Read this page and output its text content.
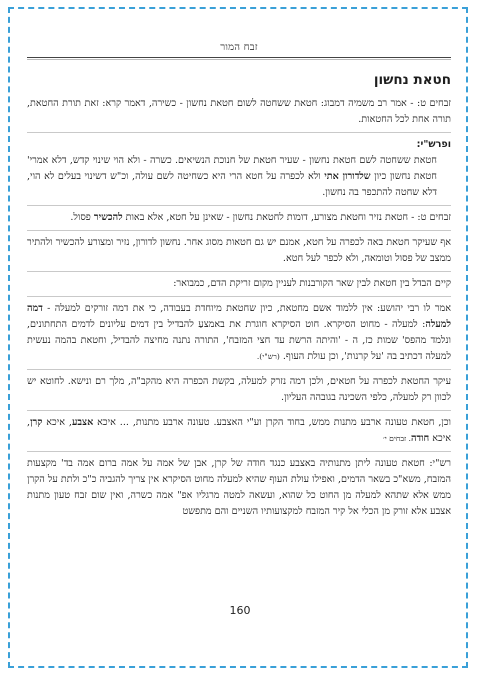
זבח המור
חטאת נחשון

זבחים ט: - אמר רב משמיה דמבוג: חטאת ששחטה לשום חטאת נחשון - כשירה, דאמר קרא: זאת תורת החטאת, תורה אחת לכל החטאות.

ופרש"י:

חטאת ששחטה לשם חטאת נחשון - שעיר חטאת של חנוכת הנשיאים. כשרה - ולא הוי שינוי קדש, דלא אמרי' חטאת נחשון כיון שלדורון אתי ולא לכפרה על חטא הרי היא כשחיטה לשם עולה, וכ"ש דשינוי בעלים לא הוי, דלא שחטה להתכפר בה נחשון.

זבחים ט: - חטאת נזיר וחטאת מצורע, דומות לחטאת נחשון - שאינן על חטא, אלא באות להכשיר פסול.

אף שעיקר חטאת באה לכפרה על חטא, אמנם יש גם חטאות מסוג אחר. נחשון לדורון, נזיר ומצורע להכשיר ולהתיר ממצב של פסול וטומאה, ולא לכפר לעל חטא.

קיים הבדל בין חטאת לבין שאר הקורבנות לעניין מקום זריקת הדם, כמבואר:

אמר לו רבי יהושע: אין ללמוד אשם מחטאת, כיון שחטאת מיוחדת בעבודה, כי את דמה זורקים למעלה - דמה למעלה: למעלה - מחוט הסיקרא. חוט הסיקרא חוגרת את באמצעַ להבדיל בין דמים עליונים לדמים התחתונים, ונלמד מהפס' שמות כז, ה - 'והיתה הרשת עד חצי המזבח', התורה נתנה מחיצה להבדיל, וחטאת בהמה נעשית למעלה דכתיב בה 'על קרנות', וכן עולת העוף. (רש"י).

עיקר החטאת לכפרה על חטאים, ולכן דמה נזרק למעלה, בקשת הכפרה היא מהקב"ה, מלך רם ונישא. לחוטא יש לכוון רק למעלה, כלפי השכינה בגובהה העליון.

וכן, חטאת טעונה ארבע מתנות ממש, בחוד הקרן וע"י האצבע. טעונה ארבע מתנות, ... איכא אצבע, איכא קרן, איכא חודה. זבחים י׳

רש"י: חטאת טעונה ליתן מתנותיה באצבע כנגד חודה של קרן, אבן של אמה על אמה ברום אמה בד' מקצעות המזבח, משא"כ בשאר הדמים, ואפילו עולת העוף שהיא למעלה מחוט הסיקרא אין צריך להגביה כ"כ ולתת על הקרן ממש אלא שתהא למעלה מן החוט כל שהוא, ועשאה למטה מרגליו אפ" אמה כשרה, ואין שום זבח טעון מתנות אצבע אלא זורק מן הכלי אל קיר המזבח למקצועותיו השניים והם מתפשט

160
